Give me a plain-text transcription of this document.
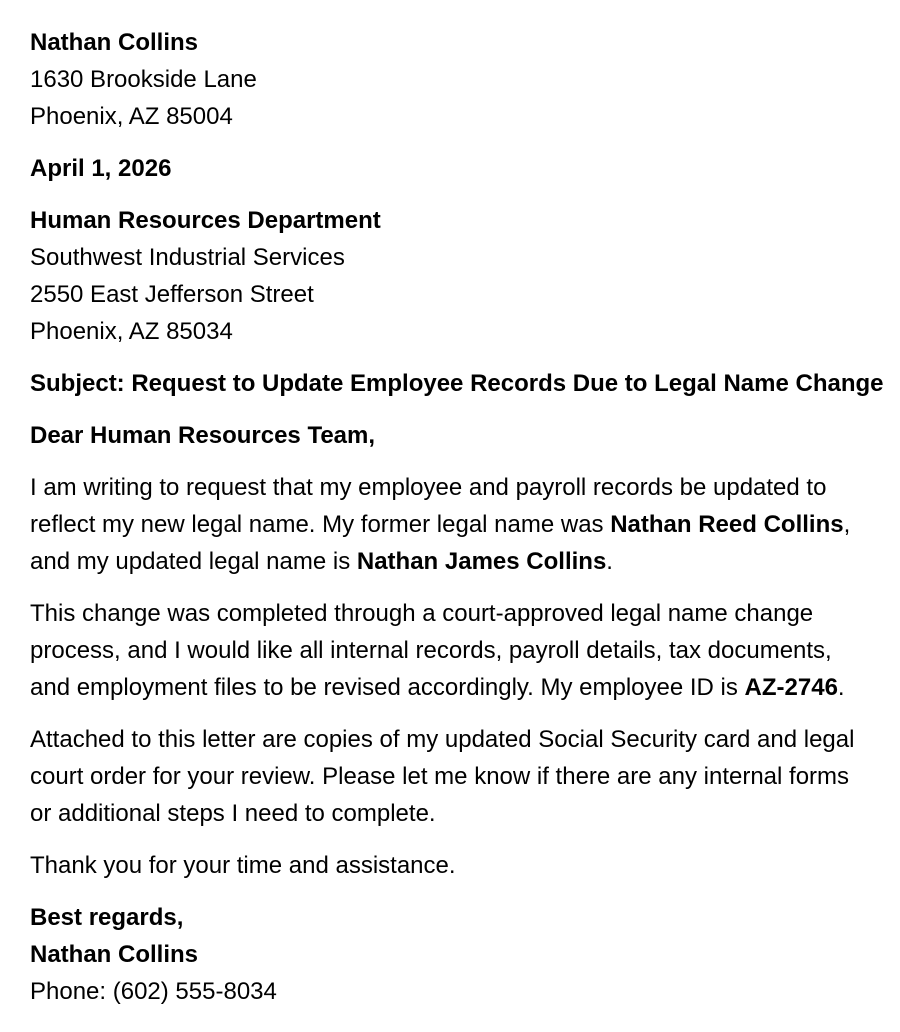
Nathan Collins
1630 Brookside Lane
Phoenix, AZ 85004
April 1, 2026
Human Resources Department
Southwest Industrial Services
2550 East Jefferson Street
Phoenix, AZ 85034
Subject: Request to Update Employee Records Due to Legal Name Change
Dear Human Resources Team,
I am writing to request that my employee and payroll records be updated to
reflect my new legal name. My former legal name was Nathan Reed Collins,
and my updated legal name is Nathan James Collins.
This change was completed through a court-approved legal name change
process, and I would like all internal records, payroll details, tax documents,
and employment files to be revised accordingly. My employee ID is AZ-2746.
Attached to this letter are copies of my updated Social Security card and legal
court order for your review. Please let me know if there are any internal forms
or additional steps I need to complete.
Thank you for your time and assistance.
Best regards,
Nathan Collins
Phone: (602) 555-8034
